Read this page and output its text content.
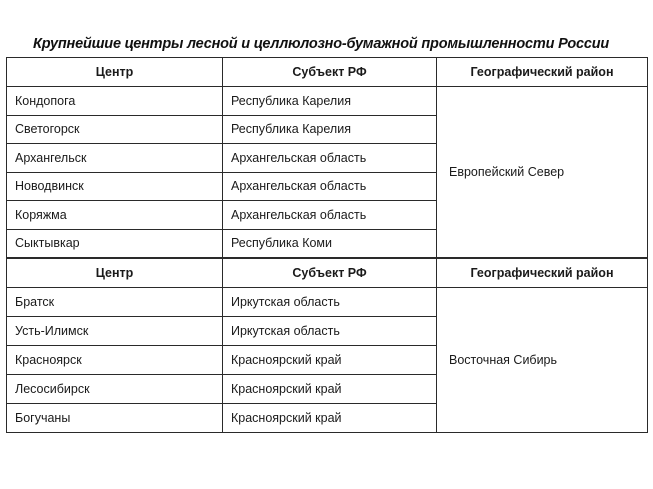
Крупнейшие центры лесной и целлюлозно-бумажной промышленности России
Центр	Субъект РФ	Географический район
Кондопога	Республика Карелия	Европейский Север
Светогорск	Республика Карелия	
Архангельск	Архангельская область	
Новодвинск	Архангельская область	
Коряжма	Архангельская область	
Сыктывкар	Республика Коми	
Центр	Субъект РФ	Географический район
Братск	Иркутская область	Восточная Сибирь
Усть-Илимск	Иркутская область	
Красноярск	Красноярский край	
Лесосибирск	Красноярский край	
Богучаны	Красноярский край	
